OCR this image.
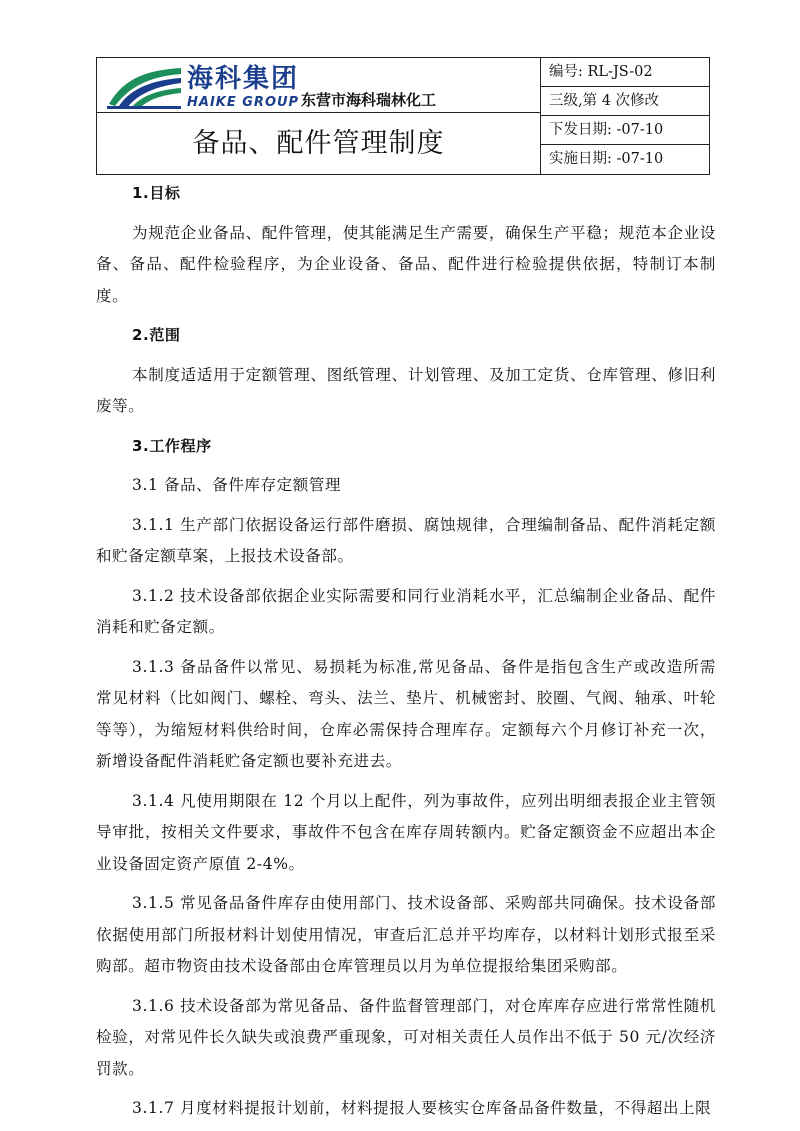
海科集团
HAIKE GROUP 东营市海科瑞林化工
备品、配件管理制度
编号: RL-JS-02
三级,第 4 次修改
下发日期: -07-10
实施日期: -07-10

1.目标

为规范企业备品、配件管理，使其能满足生产需要，确保生产平稳；规范本企业设备、备品、配件检验程序，为企业设备、备品、配件进行检验提供依据，特制订本制度。

2.范围

本制度适适用于定额管理、图纸管理、计划管理、及加工定货、仓库管理、修旧利废等。

3.工作程序

3.1 备品、备件库存定额管理

3.1.1 生产部门依据设备运行部件磨损、腐蚀规律，合理编制备品、配件消耗定额和贮备定额草案，上报技术设备部。

3.1.2 技术设备部依据企业实际需要和同行业消耗水平，汇总编制企业备品、配件消耗和贮备定额。

3.1.3 备品备件以常见、易损耗为标准,常见备品、备件是指包含生产或改造所需常见材料（比如阀门、螺栓、弯头、法兰、垫片、机械密封、胶圈、气阀、轴承、叶轮等等），为缩短材料供给时间，仓库必需保持合理库存。定额每六个月修订补充一次，新增设备配件消耗贮备定额也要补充进去。

3.1.4 凡使用期限在 12 个月以上配件，列为事故件，应列出明细表报企业主管领导审批，按相关文件要求，事故件不包含在库存周转额内。贮备定额资金不应超出本企业设备固定资产原值 2-4%。

3.1.5 常见备品备件库存由使用部门、技术设备部、采购部共同确保。技术设备部依据使用部门所报材料计划使用情况，审查后汇总并平均库存，以材料计划形式报至采购部。超市物资由技术设备部由仓库管理员以月为单位提报给集团采购部。

3.1.6 技术设备部为常见备品、备件监督管理部门，对仓库库存应进行常常性随机检验，对常见件长久缺失或浪费严重现象，可对相关责任人员作出不低于 50 元/次经济罚款。

3.1.7 月度材料提报计划前，材料提报人要核实仓库备品备件数量，不得超出上限
